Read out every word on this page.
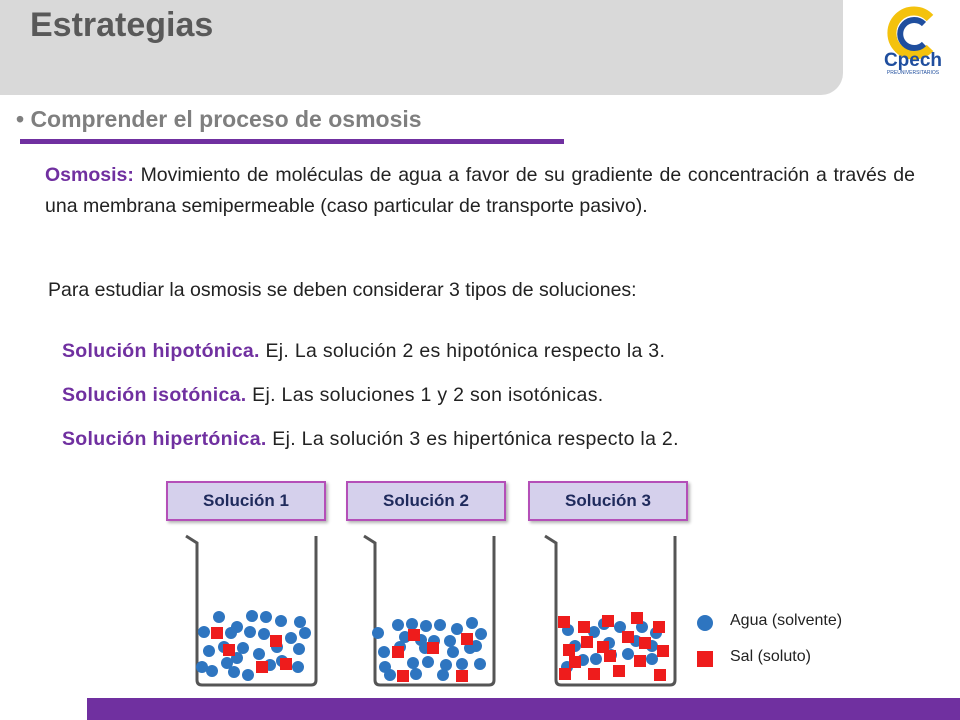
Estrategias
Cpech
PREUNIVERSITARIOS
• Comprender el proceso de osmosis
Osmosis: Movimiento de moléculas de agua a favor de su gradiente de concentración a través de una membrana semipermeable (caso particular de transporte pasivo).
Para estudiar la osmosis se deben considerar 3 tipos de soluciones:
Solución hipotónica. Ej. La solución 2 es hipotónica respecto la 3.
Solución isotónica. Ej. Las soluciones 1 y 2 son isotónicas.
Solución hipertónica. Ej. La solución 3 es hipertónica respecto la 2.
Solución 1	Solución 2	Solución 3
Agua (solvente)
Sal (soluto)
